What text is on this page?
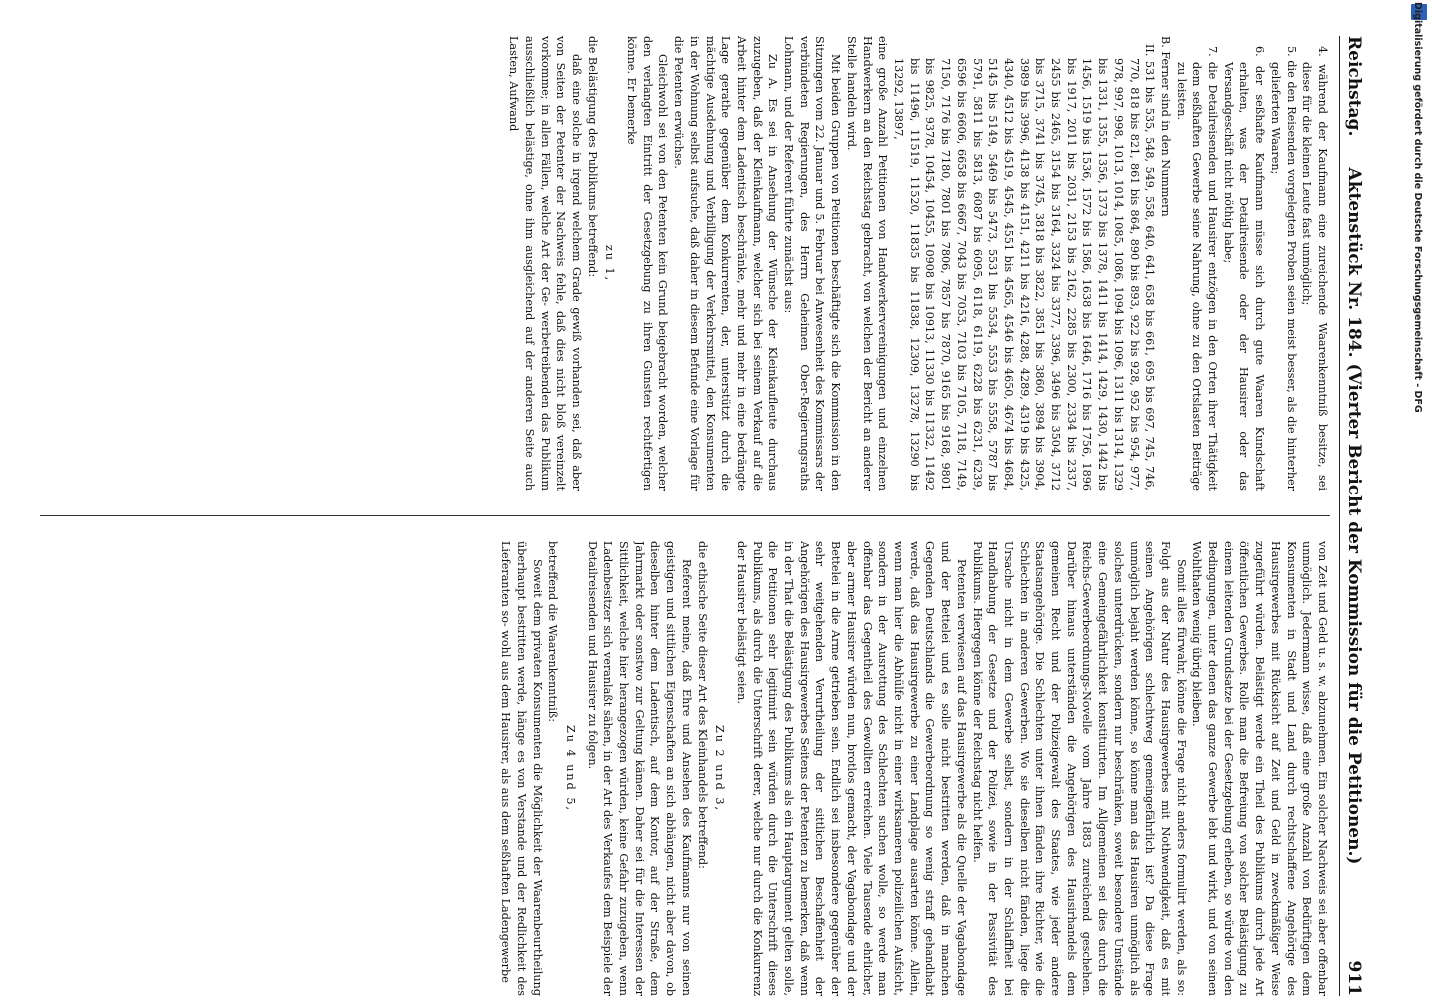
Reichstag.
Aktenstück Nr. 184. (Vierter Bericht der Kommission für die Petitionen.)
911

4. während der Kaufmann eine zureichende Waarenkenntniß besitze, sei diese für die kleinen Leute fast unmöglich;

5. die den Reisenden vorgelegten Proben seien meist besser, als die hinterher gelieferten Waaren;

6. der seßhafte Kaufmann müsse sich durch gute Waaren Kundschaft erhalten, was der Detailreisende oder der Hausirer oder das Versandgeschäft nicht nöthig habe;

7. die Detailreisenden und Hausirer entzögen in den Orten ihrer Thätigkeit dem seßhaften Gewerbe seine Nahrung, ohne zu den Ortslasten Beiträge zu leisten.

B. Ferner sind in den Nummern

II. 531 bis 535, 548, 549, 558, 640, 641, 658 bis 661, 695 bis 697, 745, 746, 770, 818 bis 821, 861 bis 864, 890 bis 893, 922 bis 928, 952 bis 954, 977, 978, 997, 998, 1013, 1014, 1085, 1086, 1094 bis 1096, 1311 bis 1314, 1329 bis 1331, 1355, 1356, 1373 bis 1378, 1411 bis 1414, 1429, 1430, 1442 bis 1456, 1519 bis 1536, 1572 bis 1586, 1638 bis 1646, 1716 bis 1756, 1896 bis 1917, 2011 bis 2031, 2153 bis 2162, 2285 bis 2300, 2334 bis 2337, 2455 bis 2465, 3154 bis 3164, 3324 bis 3377, 3396, 3496 bis 3504, 3712 bis 3715, 3741 bis 3745, 3818 bis 3822, 3851 bis 3860, 3894 bis 3904, 3989 bis 3996, 4138 bis 4151, 4211 bis 4216, 4288, 4289, 4319 bis 4325, 4340, 4512 bis 4519, 4545, 4551 bis 4565, 4546 bis 4650, 4674 bis 4684, 5145 bis 5149, 5469 bis 5473, 5531 bis 5534, 5553 bis 5558, 5787 bis 5791, 5811 bis 5813, 6087 bis 6095, 6118, 6119, 6228 bis 6231, 6239, 6596 bis 6606, 6658 bis 6667, 7043 bis 7053, 7103 bis 7105, 7118, 7149, 7150, 7176 bis 7180, 7801 bis 7806, 7857 bis 7870, 9165 bis 9168, 9801 bis 9825, 9378, 10454, 10455, 10908 bis 10913, 11330 bis 11332, 11492 bis 11496, 11519, 11520, 11835 bis 11838, 12309, 13278, 13290 bis 13292, 13897,

eine große Anzahl Petitionen von Handwerkervereinigungen und einzelnen Handwerkern an den Reichstag gebracht, von welchen der Bericht an anderer Stelle handeln wird.

Mit beiden Gruppen von Petitionen beschäftigte sich die Kommission in den Sitzungen vom 22. Januar und 5. Februar bei Anwesenheit des Kommissars der verbündeten Regierungen, des Herrn Geheimen Ober-Regierungsraths Lohmann, und der Referent führte zunächst aus:

Zu A. Es sei in Ansehung der Wünsche der Kleinkaufleute durchaus zuzugeben, daß der Kleinkaufmann, welcher sich bei seinem Verkauf auf die Arbeit hinter dem Ladentisch beschränke, mehr und mehr in eine bedrängte Lage gerathe gegenüber dem Konkurrenten, der, unterstützt durch die mächtige Ausdehnung und Verbilligung der Verkehrsmittel, den Konsumenten in der Wohnung selbst aufsuche, daß daher in diesem Befunde eine Vorlage für die Petenten erwüchse.

Gleichwohl sei von den Petenten kein Grund beigebracht worden, welcher den verlangten Eintritt der Gesetzgebung zu ihren Gunsten rechtfertigen könne. Er bemerke

zu 1,

die Belästigung des Publikums betreffend:

daß eine solche in irgend welchem Grade gewiß vorhanden sei, daß aber von Seiten der Petenter der Nachweis fehle, daß dies nicht bloß vereinzelt vorkomme; in allen Fällen, welche Art der Ge- werbetreibenden das Publikum ausschließlich belästige, ohne ihm ausgleichend auf der anderen Seite auch Lasten, Aufwand

von Zeit und Geld u. s. w. abzunehmen. Ein solcher Nachweis sei aber offenbar unmöglich. Jedermann wisse, daß eine große Anzahl von Bedürftigen dem Konsumenten in Stadt und Land durch rechtschaffene Angehörige des Hausirgewerbes mit Rücksicht auf Zeit und Geld in zweckmäßiger Weise zugeführt würden. Belästigt werde ein Theil des Publikums durch jede Art öffentlichen Gewerbes. Rolle man die Befreiung von solcher Belästigung zu einem leitenden Grundsatze bei der Gesetzgebung erheben, so würde von den Bedingungen, unter denen das ganze Gewerbe lebt und wirkt, und von seinen Wohlthaten wenig übrig bleiben.

Somit alles fürwahr, könne die Frage nicht anders formulirt werden, als so: Folgt aus der Natur des Hausirgewerbes mit Nothwendigkeit, daß es mit seinen Angehörigen schlechtweg gemeingefährlich ist? Da diese Frage unmöglich bejaht werden könne, so könne man das Hausiren unmöglich als solches unterdrücken, sondern nur beschränken, soweit besondere Umstände eine Gemeingefährlichkeit konstituirten. Im Allgemeinen sei dies durch die Reichs-Gewerbeordnungs-Novelle vom Jahre 1883 zureichend geschehen. Darüber hinaus unterständen die Angehörigen des Hausirhandels dem gemeinen Recht und der Polizeigewalt des Staates, wie jeder andere Staatsangehörige. Die Schlechten unter ihnen fänden ihre Richter, wie die Schlechten in anderen Gewerben. Wo sie dieselben nicht fänden, liege die Ursache nicht in dem Gewerbe selbst, sondern in der Schlaffheit bei Handhabung der Gesetze und der Polizei, sowie in der Passivität des Publikums. Hiergegen könne der Reichstag nicht helfen.

Petenten verwiesen auf das Hausirgewerbe als die Quelle der Vagabondage und der Bettelei und es solle nicht bestritten werden, daß in manchen Gegenden Deutschlands die Gewerbeordnung so wenig straff gehandhabt werde, daß das Hausirgewerbe zu einer Landplage ausarten könne. Allein, wenn man hier die Abhülfe nicht in einer wirksameren polizeilichen Aufsicht, sondern in der Ausrottung des Schlechten suchen wolle, so werde man offenbar das Gegentheil des Gewollten erreichen. Viele Tausende ehrlicher, aber armer Hausirer würden nun, brotlos gemacht, der Vagabondage und der Bettelei in die Arme getrieben sein. Endlich sei insbesondere gegenüber der sehr weitgehenden Verurtheilung der sittlichen Beschaffenheit der Angehörigen des Hausirgewerbes Seitens der Petenten zu bemerken, daß wenn in der That die Belästigung des Publikums als ein Hauptargument gelten solle, die Petitionen sehr legitimirt sein würden durch die Unterschrift dieses Publikums, als durch die Unterschrift derer, welche nur durch die Konkurrenz der Hausirer belästigt seien.

Zu 2 und 3,

die ethische Seite dieser Art des Kleinhandels betreffend:

Referent meine, daß Ehre und Ansehen des Kaufmanns nur von seinen geistigen und sittlichen Eigenschaften an sich abhängen, nicht aber davon, ob dieselben hinter dem Ladentisch, auf dem Kontor, auf der Straße, dem Jahrmarkt oder sonstwo zur Geltung kämen. Daher sei für die Interessen der Sittlichkeit, welche hier herangezogen würden, keine Gefahr zuzugeben, wenn Ladenbesitzer sich veranlaßt sähen, in der Art des Verkaufes dem Beispiele der Detailreisenden und Hausirer zu folgen.

Zu 4 und 5,

betreffend die Waarenkenntniß:

Soweit dem privaten Konsumenten die Möglichkeit der Waarenbeurtheilung überhaupt bestritten werde, hänge es von Verstande und der Redlichkeit des Lieferanten so- wohl aus dem Hausirer, als aus dem seßhaften Ladengewerbe

Digitalisierung gefördert durch die Deutsche Forschungsgemeinschaft - DFG
